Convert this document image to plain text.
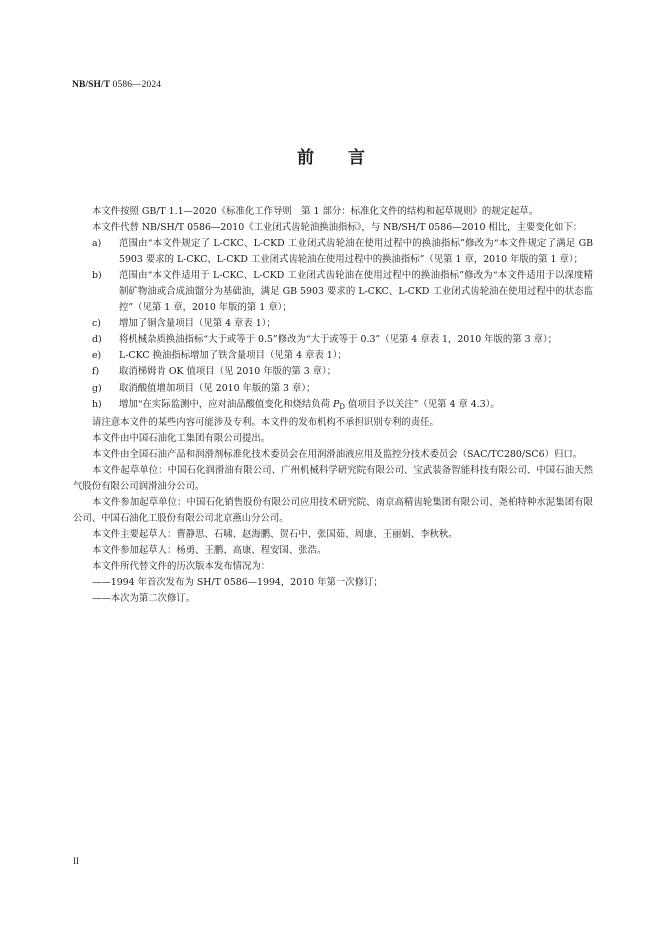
NB/SH/T 0586—2024
前 言

本文件按照 GB/T 1.1—2020《标准化工作导则　第 1 部分：标准化文件的结构和起草规则》的规定起草。

本文件代替 NB/SH/T 0586—2010《工业闭式齿轮油换油指标》，与 NB/SH/T 0586—2010 相比，主要变化如下：

a) 范围由“本文件规定了 L-CKC、L-CKD 工业闭式齿轮油在使用过程中的换油指标”修改为“本文件规定了满足 GB 5903 要求的 L-CKC、L-CKD 工业闭式齿轮油在使用过程中的换油指标”（见第 1 章，2010 年版的第 1 章）；

b) 范围由“本文件适用于 L-CKC、L-CKD 工业闭式齿轮油在使用过程中的换油指标”修改为“本文件适用于以深度精制矿物油或合成油馏分为基础油，满足 GB 5903 要求的 L-CKC、L-CKD 工业闭式齿轮油在使用过程中的状态监控”（见第 1 章，2010 年版的第 1 章）；

c) 增加了铜含量项目（见第 4 章表 1）；

d) 将机械杂质换油指标“大于或等于 0.5”修改为“大于或等于 0.3”（见第 4 章表 1，2010 年版的第 3 章）；

e) L-CKC 换油指标增加了铁含量项目（见第 4 章表 1）；

f) 取消梯姆肯 OK 值项目（见 2010 年版的第 3 章）；

g) 取消酸值增加项目（见 2010 年版的第 3 章）；

h) 增加“在实际监测中，应对油品酸值变化和烧结负荷 $P_D$ 值项目予以关注”（见第 4 章 4.3）。

请注意本文件的某些内容可能涉及专利。本文件的发布机构不承担识别专利的责任。

本文件由中国石油化工集团有限公司提出。

本文件由全国石油产品和润滑剂标准化技术委员会在用润滑油液应用及监控分技术委员会（SAC/TC280/SC6）归口。

本文件起草单位：中国石化润滑油有限公司、广州机械科学研究院有限公司、宝武装备智能科技有限公司、中国石油天然气股份有限公司润滑油分公司。

本文件参加起草单位：中国石化销售股份有限公司应用技术研究院、南京高精齿轮集团有限公司、尧柏特种水泥集团有限公司、中国石油化工股份有限公司北京燕山分公司。

本文件主要起草人：曹静思、石啸、赵海鹏、贺石中、张国茹、周康、王丽娟、李秋秋。

本文件参加起草人：杨勇、王鹏、高康、程安国、张浩。

本文件所代替文件的历次版本发布情况为：

——1994 年首次发布为 SH/T 0586—1994，2010 年第一次修订；

——本次为第二次修订。

II
